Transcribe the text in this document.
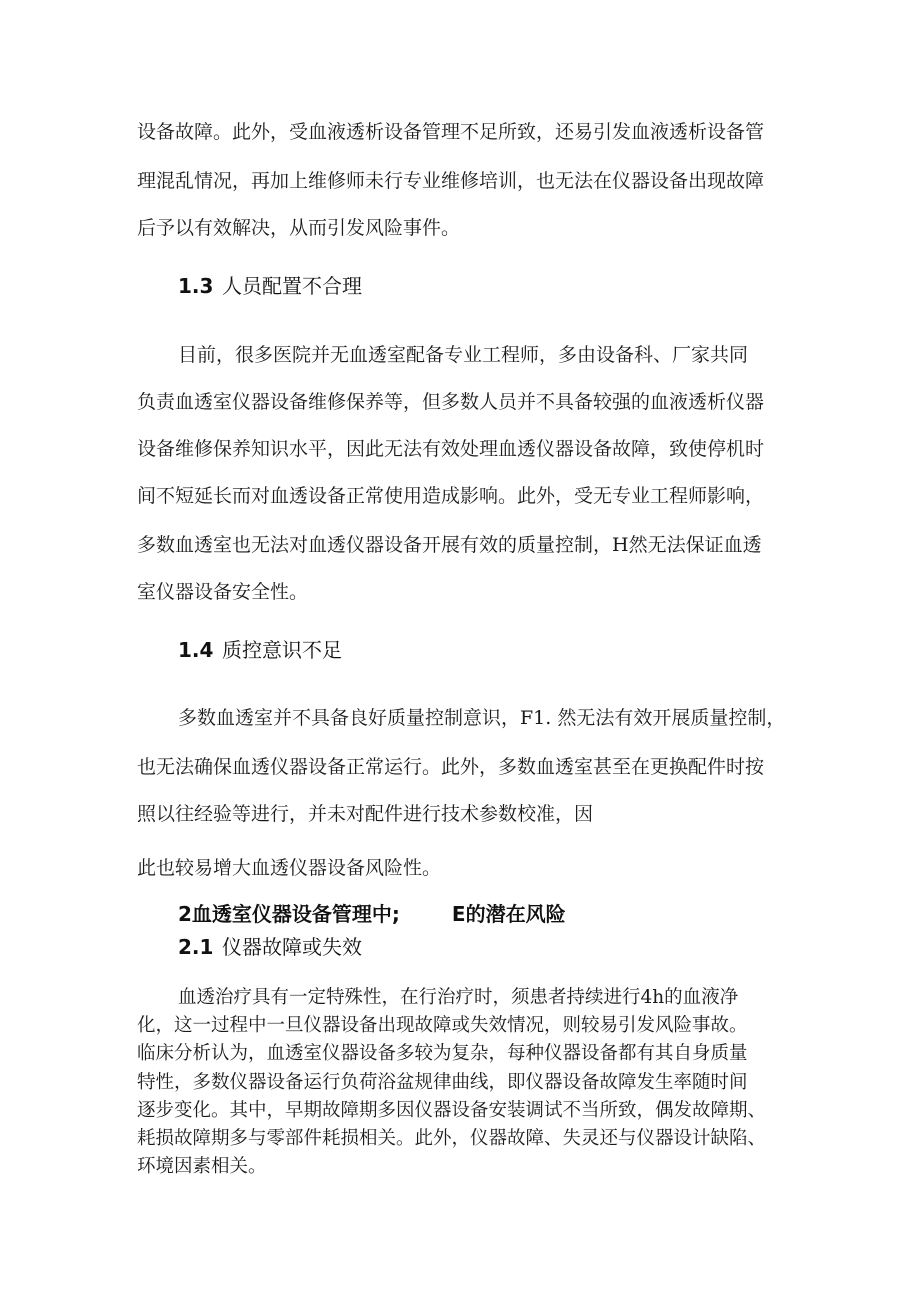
设备故障。此外，受血液透析设备管理不足所致，还易引发血液透析设备管
理混乱情况，再加上维修师未行专业维修培训，也无法在仪器设备出现故障
后予以有效解决，从而引发风险事件。
1.3 人员配置不合理
目前，很多医院并无血透室配备专业工程师，多由设备科、厂家共同
负责血透室仪器设备维修保养等，但多数人员并不具备较强的血液透析仪器
设备维修保养知识水平，因此无法有效处理血透仪器设备故障，致使停机时
间不短延长而对血透设备正常使用造成影响。此外，受无专业工程师影响，
多数血透室也无法对血透仪器设备开展有效的质量控制，H然无法保证血透
室仪器设备安全性。
1.4 质控意识不足
多数血透室并不具备良好质量控制意识，F1. 然无法有效开展质量控制，
也无法确保血透仪器设备正常运行。此外，多数血透室甚至在更换配件时按
照以往经验等进行，并未对配件进行技术参数校准，因
此也较易增大血透仪器设备风险性。
2血透室仪器设备管理中;	E的潜在风险
2.1 仪器故障或失效
血透治疗具有一定特殊性，在行治疗时，须患者持续进行4h的血液净
化，这一过程中一旦仪器设备出现故障或失效情况，则较易引发风险事故。
临床分析认为，血透室仪器设备多较为复杂，每种仪器设备都有其自身质量
特性，多数仪器设备运行负荷浴盆规律曲线，即仪器设备故障发生率随时间
逐步变化。其中，早期故障期多因仪器设备安装调试不当所致，偶发故障期、
耗损故障期多与零部件耗损相关。此外，仪器故障、失灵还与仪器设计缺陷、
环境因素相关。
